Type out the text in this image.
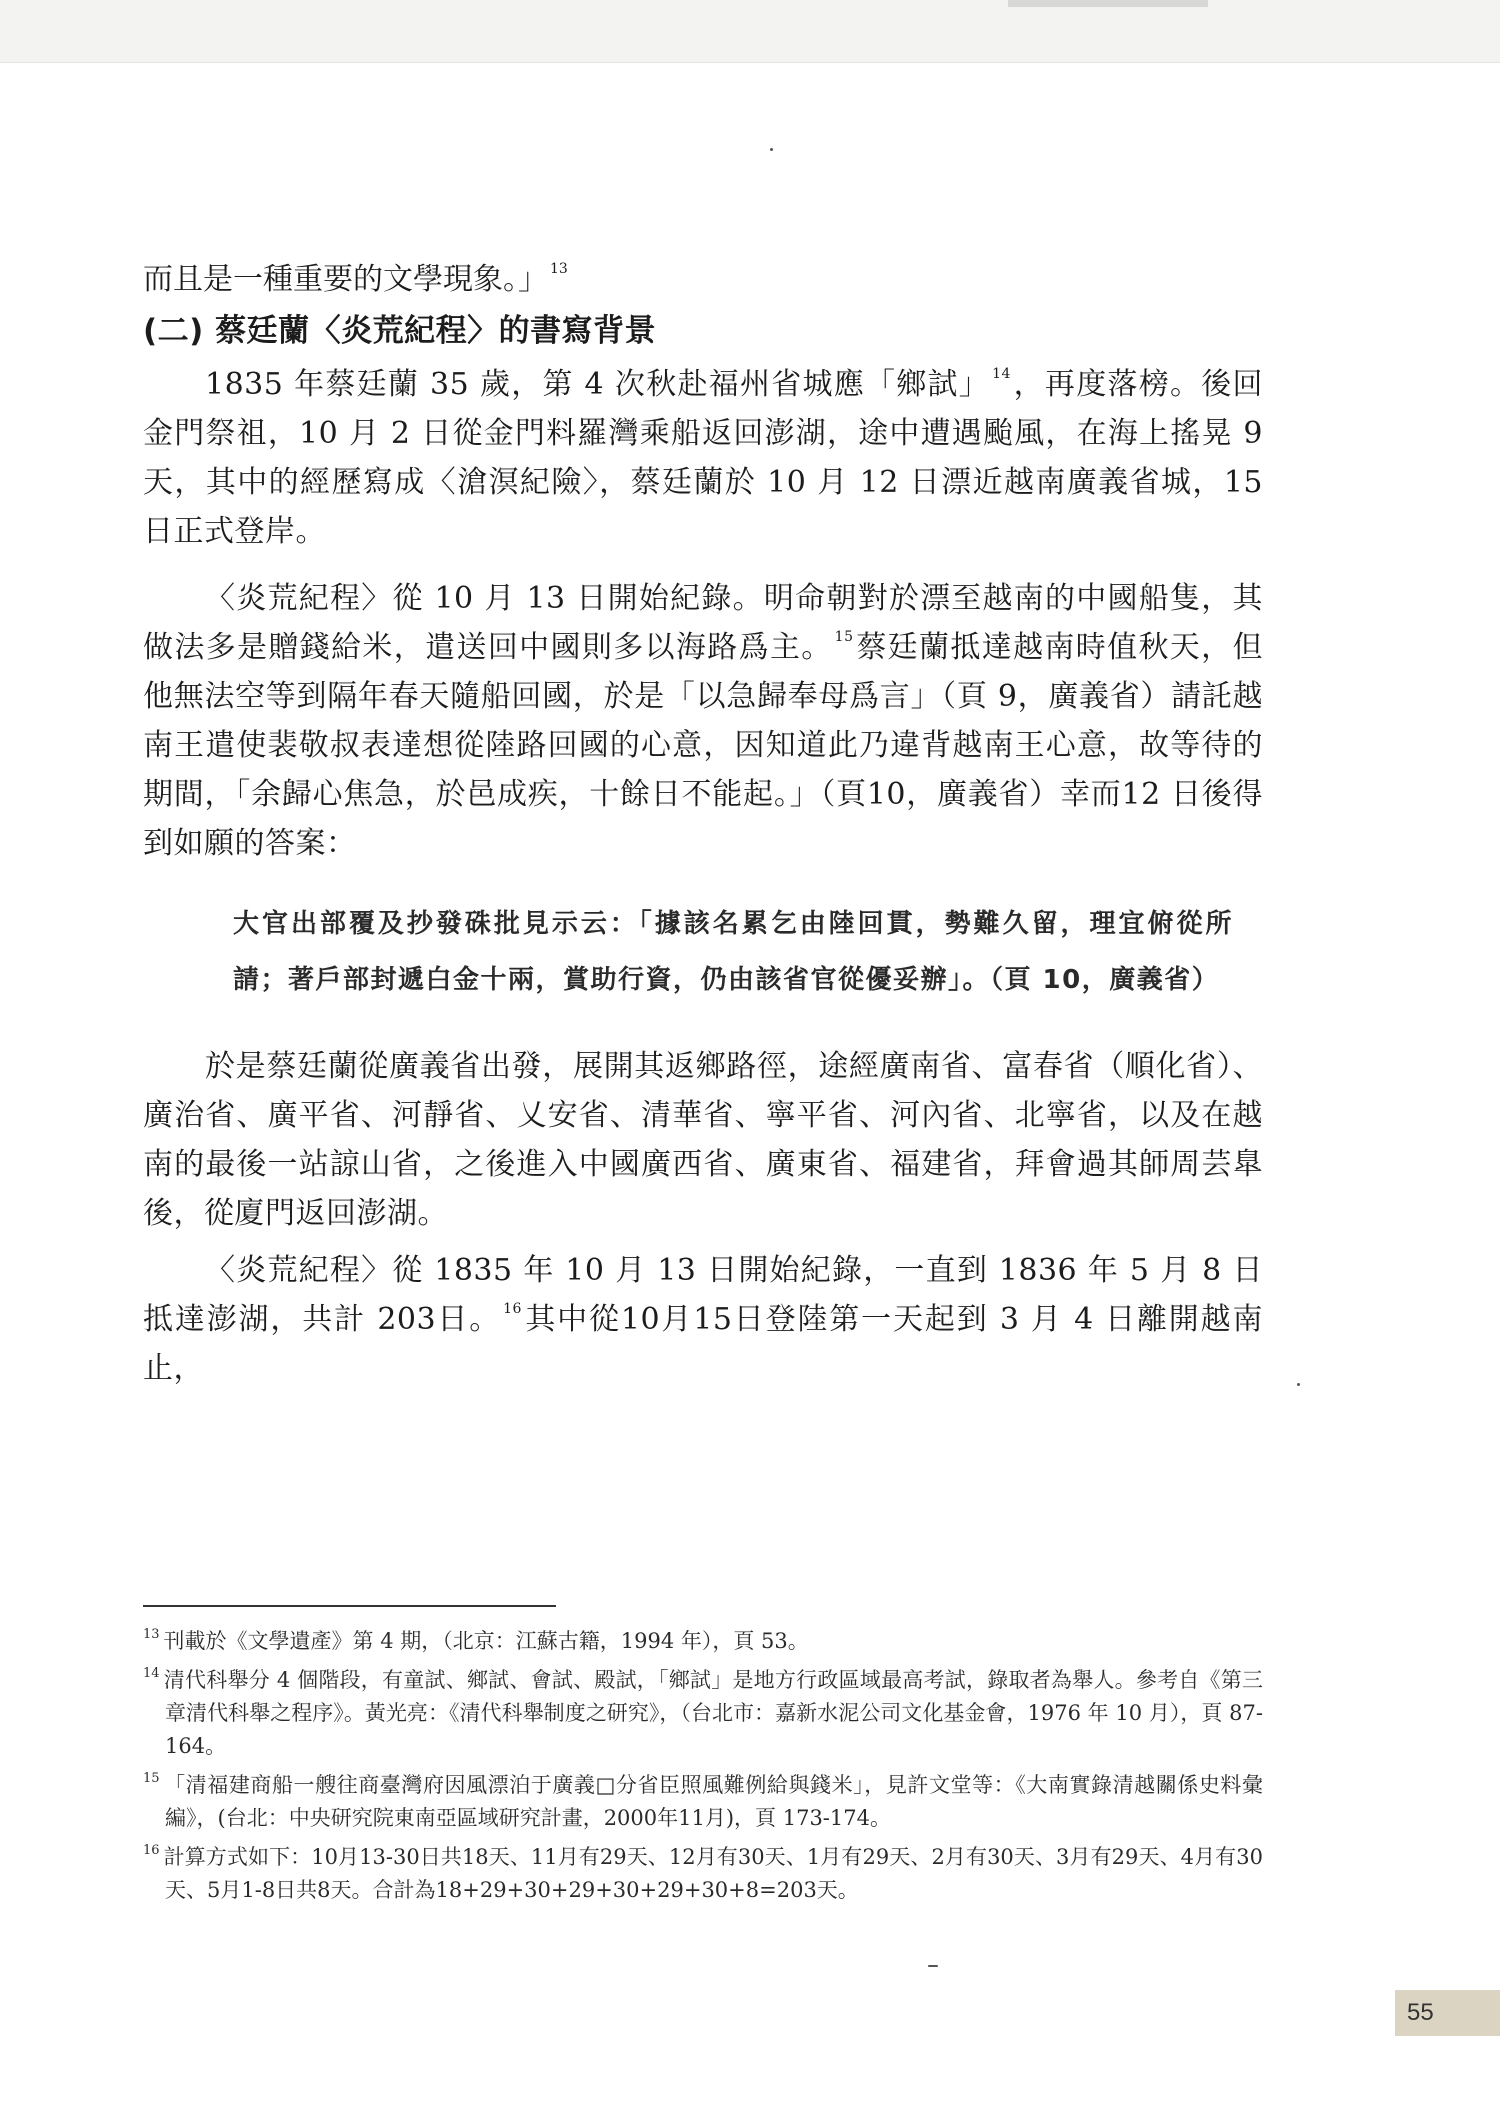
而且是一種重要的文學現象。」 $^{13}$

(二) 蔡廷蘭〈炎荒紀程〉的書寫背景

1835 年蔡廷蘭 35 歲，第 4 次秋赴福州省城應「鄉試」 $^{14}$，再度落榜。後回金門祭祖，10 月 2 日從金門料羅灣乘船返回澎湖，途中遭遇颱風，在海上搖晃 9 天，其中的經歷寫成〈滄溟紀險〉，蔡廷蘭於 10 月 12 日漂近越南廣義省城，15 日正式登岸。

〈炎荒紀程〉從 10 月 13 日開始紀錄。明命朝對於漂至越南的中國船隻，其做法多是贈錢給米，遣送回中國則多以海路爲主。 $^{15}$蔡廷蘭抵達越南時值秋天，但他無法空等到隔年春天隨船回國，於是「以急歸奉母爲言」（頁 9，廣義省）請託越南王遣使裴敬叔表達想從陸路回國的心意，因知道此乃違背越南王心意，故等待的期間，「余歸心焦急，於邑成疾，十餘日不能起。」（頁10，廣義省）幸而12 日後得到如願的答案：

大官出部覆及抄發硃批見示云：「據該名累乞由陸回貫，勢難久留，理宜俯從所請；著戶部封遞白金十兩，賞助行資，仍由該省官從優妥辦」。（頁 10，廣義省）

於是蔡廷蘭從廣義省出發，展開其返鄉路徑，途經廣南省、富春省（順化省）、廣治省、廣平省、河靜省、乂安省、清華省、寧平省、河內省、北寧省，以及在越南的最後一站諒山省，之後進入中國廣西省、廣東省、福建省，拜會過其師周芸臯後，從廈門返回澎湖。

〈炎荒紀程〉從 1835 年 10 月 13 日開始紀錄，一直到 1836 年 5 月 8 日抵達澎湖，共計 203日。 $^{16}$其中從10月15日登陸第一天起到 3 月 4 日離開越南止，

$^{13}$ 刊載於《文學遺產》第 4 期，（北京：江蘇古籍，1994 年），頁 53。

$^{14}$ 清代科舉分 4 個階段，有童試、鄉試、會試、殿試，「鄉試」是地方行政區域最高考試，錄取者為舉人。參考自《第三章清代科舉之程序》。黃光亮：《清代科舉制度之研究》，（台北市：嘉新水泥公司文化基金會，1976 年 10 月），頁 87-164。

$^{15}$ 「清福建商船一艘往商臺灣府因風漂泊于廣義□分省臣照風難例給與錢米」，見許文堂等：《大南實錄清越關係史料彙編》，(台北：中央研究院東南亞區域研究計畫，2000年11月)，頁 173-174。

$^{16}$ 計算方式如下：10月13-30日共18天、11月有29天、12月有30天、1月有29天、2月有30天、3月有29天、4月有30天、5月1-8日共8天。合計為18+29+30+29+30+29+30+8=203天。

55
